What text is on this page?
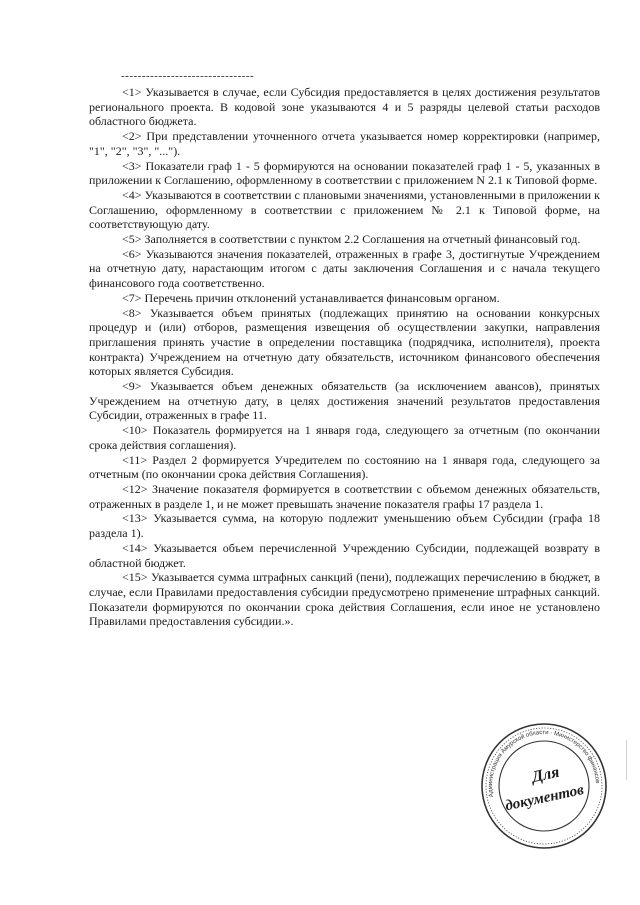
--------------------------------

<1> Указывается в случае, если Субсидия предоставляется в целях достижения результатов регионального проекта. В кодовой зоне указываются 4 и 5 разряды целевой статьи расходов областного бюджета.

<2> При представлении уточненного отчета указывается номер корректировки (например, "1", "2", "3", "...").

<3> Показатели граф 1 - 5 формируются на основании показателей граф 1 - 5, указанных в приложении к Соглашению, оформленному в соответствии с приложением N 2.1 к Типовой форме.

<4> Указываются в соответствии с плановыми значениями, установленными в приложении к Соглашению, оформленному в соответствии с приложением № 2.1 к Типовой форме, на соответствующую дату.

<5> Заполняется в соответствии с пунктом 2.2 Соглашения на отчетный финансовый год.

<6> Указываются значения показателей, отраженных в графе 3, достигнутые Учреждением на отчетную дату, нарастающим итогом с даты заключения Соглашения и с начала текущего финансового года соответственно.

<7> Перечень причин отклонений устанавливается финансовым органом.

<8> Указывается объем принятых (подлежащих принятию на основании конкурсных процедур и (или) отборов, размещения извещения об осуществлении закупки, направления приглашения принять участие в определении поставщика (подрядчика, исполнителя), проекта контракта) Учреждением на отчетную дату обязательств, источником финансового обеспечения которых является Субсидия.

<9> Указывается объем денежных обязательств (за исключением авансов), принятых Учреждением на отчетную дату, в целях достижения значений результатов предоставления Субсидии, отраженных в графе 11.

<10> Показатель формируется на 1 января года, следующего за отчетным (по окончании срока действия соглашения).

<11> Раздел 2 формируется Учредителем по состоянию на 1 января года, следующего за отчетным (по окончании срока действия Соглашения).

<12> Значение показателя формируется в соответствии с объемом денежных обязательств, отраженных в разделе 1, и не может превышать значение показателя графы 17 раздела 1.

<13> Указывается сумма, на которую подлежит уменьшению объем Субсидии (графа 18 раздела 1).

<14> Указывается объем перечисленной Учреждению Субсидии, подлежащей возврату в областной бюджет.

<15> Указывается сумма штрафных санкций (пени), подлежащих перечислению в бюджет, в случае, если Правилами предоставления субсидии предусмотрено применение штрафных санкций. Показатели формируются по окончании срока действия Соглашения, если иное не установлено Правилами предоставления субсидии.».

Администрация Амурской области · Министерство финансов
Для
документов
